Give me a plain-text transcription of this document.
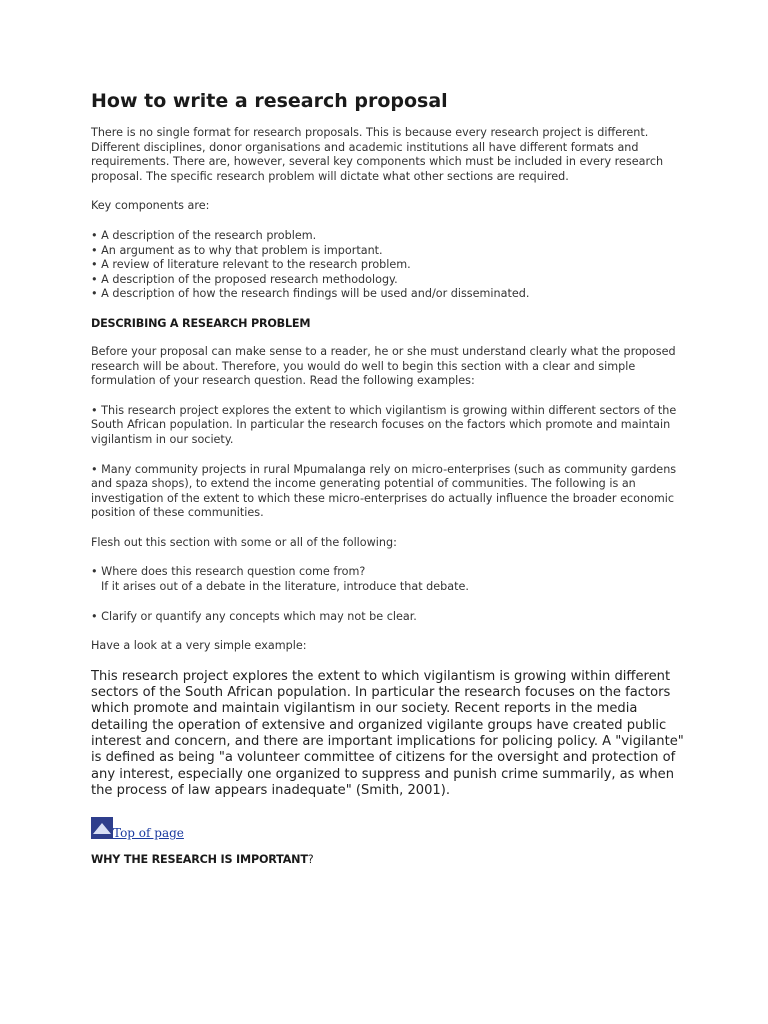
How to write a research proposal

There is no single format for research proposals. This is because every research project is different. Different disciplines, donor organisations and academic institutions all have different formats and requirements. There are, however, several key components which must be included in every research proposal. The specific research problem will dictate what other sections are required.

Key components are:

• A description of the research problem.
• An argument as to why that problem is important.
• A review of literature relevant to the research problem.
• A description of the proposed research methodology.
• A description of how the research findings will be used and/or disseminated.
DESCRIBING A RESEARCH PROBLEM

Before your proposal can make sense to a reader, he or she must understand clearly what the proposed research will be about. Therefore, you would do well to begin this section with a clear and simple formulation of your research question. Read the following examples:

• This research project explores the extent to which vigilantism is growing within different sectors of the South African population. In particular the research focuses on the factors which promote and maintain vigilantism in our society.

• Many community projects in rural Mpumalanga rely on micro-enterprises (such as community gardens and spaza shops), to extend the income generating potential of communities. The following is an investigation of the extent to which these micro-enterprises do actually influence the broader economic position of these communities.

Flesh out this section with some or all of the following:

• Where does this research question come from?
If it arises out of a debate in the literature, introduce that debate.

• Clarify or quantify any concepts which may not be clear.

Have a look at a very simple example:

This research project explores the extent to which vigilantism is growing within different sectors of the South African population. In particular the research focuses on the factors which promote and maintain vigilantism in our society. Recent reports in the media detailing the operation of extensive and organized vigilante groups have created public interest and concern, and there are important implications for policing policy. A "vigilante" is defined as being "a volunteer committee of citizens for the oversight and protection of any interest, especially one organized to suppress and punish crime summarily, as when the process of law appears inadequate" (Smith, 2001).

Top of page
WHY THE RESEARCH IS IMPORTANT?
